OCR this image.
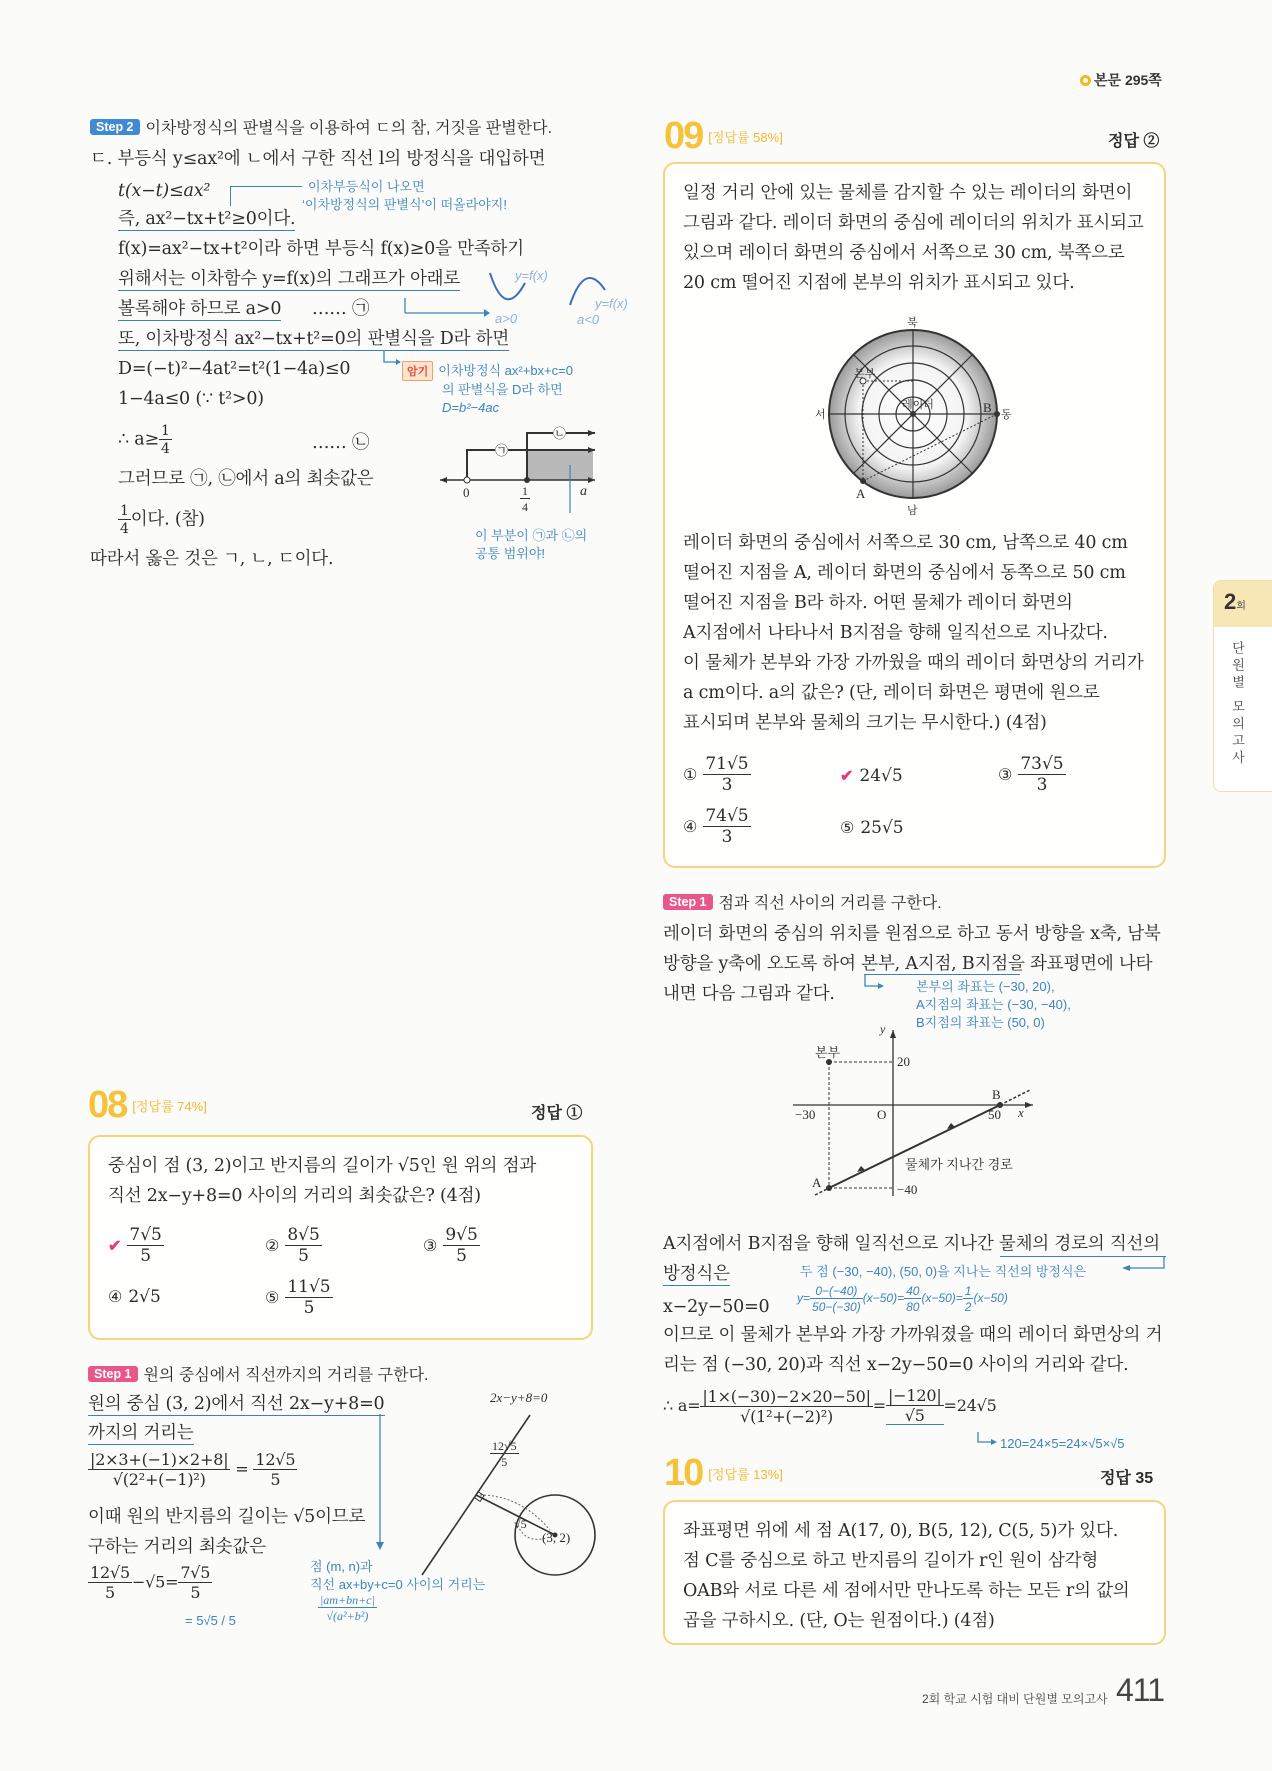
본문 295쪽
2회
단원별 모의고사
Step 2 이차방정식의 판별식을 이용하여 ㄷ의 참, 거짓을 판별한다.
ㄷ. 부등식 y≤ax²에 ㄴ에서 구한 직선 l의 방정식을 대입하면
t(x−t)≤ax²
즉, ax²−tx+t²≥0이다.
이차부등식이 나오면
‘이차방정식의 판별식’이 떠올라야지!
f(x)=ax²−tx+t²이라 하면 부등식 f(x)≥0을 만족하기
위해서는 이차함수 y=f(x)의 그래프가 아래로
볼록해야 하므로 a>0 …… ㉠
y=f(x)
a>0
y=f(x)
a<0
또, 이차방정식 ax²−tx+t²=0의 판별식을 D라 하면
D=(−t)²−4at²=t²(1−4a)≤0	암기 이차방정식 ax²+bx+c=0
의 판별식을 D라 하면
D=b²−4ac
1−4a≤0 (∵ t²>0)
∴ $a\ge \frac{1}{4}$	…… ㉡
그러므로 ㉠, ㉡에서 a의 최솟값은
$\frac{1}{4}$ 이다. (참)
따라서 옳은 것은 ㄱ, ㄴ, ㄷ이다.
㉠
㉡
0	$\frac{1}{4}$	a
이 부분이 ㉠과 ㉡의
공통 범위야!
08 [정답률 74%]	정답 ①
중심이 점 (3, 2)이고 반지름의 길이가 √5인 원 위의 점과
직선 2x−y+8=0 사이의 거리의 최솟값은? (4점)
✔ $\frac{7√5}{5}$	② $\frac{8√5}{5}$	③ $\frac{9√5}{5}$
④ 2√5	⑤ $\frac{11√5}{5}$
Step 1 원의 중심에서 직선까지의 거리를 구한다.
원의 중심 (3, 2)에서 직선 2x−y+8=0
까지의 거리는
$\frac{|2\times 3+(-1)\times 2+8|}{\text{√(2²+(−1)²)}} = \frac{12√5}{5}$
이때 원의 반지름의 길이는 √5이므로
구하는 거리의 최솟값은
$\frac{12√5}{5} -√5= \frac{7√5}{5}$
= 5√5 / 5
점 (m, n)과
직선 ax+by+c=0 사이의 거리는
$\frac{|am+bn+c|}{\text{√(a²+b²)}}$
2x−y+8=0
$\frac{12√5}{5}$
√5
(3, 2)
09 [정답률 58%]	정답 ②
일정 거리 안에 있는 물체를 감지할 수 있는 레이더의 화면이
그림과 같다. 레이더 화면의 중심에 레이더의 위치가 표시되고
있으며 레이더 화면의 중심에서 서쪽으로 30 cm, 북쪽으로
20 cm 떨어진 지점에 본부의 위치가 표시되고 있다.
북
남
서	동
레이더
본부
A
B
레이더 화면의 중심에서 서쪽으로 30 cm, 남쪽으로 40 cm
떨어진 지점을 A, 레이더 화면의 중심에서 동쪽으로 50 cm
떨어진 지점을 B라 하자. 어떤 물체가 레이더 화면의
A지점에서 나타나서 B지점을 향해 일직선으로 지나갔다.
이 물체가 본부와 가장 가까웠을 때의 레이더 화면상의 거리가
a cm이다. a의 값은? (단, 레이더 화면은 평면에 원으로
표시되며 본부와 물체의 크기는 무시한다.) (4점)
① $\frac{71√5}{3}$	✔ 24√5	③ $\frac{73√5}{3}$
④ $\frac{74√5}{3}$	⑤ 25√5
Step 1 점과 직선 사이의 거리를 구한다.
레이더 화면의 중심의 위치를 원점으로 하고 동서 방향을 x축, 남북
방향을 y축에 오도록 하여 본부, A지점, B지점을 좌표평면에 나타
내면 다음 그림과 같다.	본부의 좌표는 (−30, 20),
A지점의 좌표는 (−30, −40),
B지점의 좌표는 (50, 0)
y
본부
20
−30	O	50 x
B
A	−40
물체가 지나간 경로
A지점에서 B지점을 향해 일직선으로 지나간 물체의 경로의 직선의
방정식은	두 점 (−30, −40), (50, 0)을 지나는 직선의 방정식은
x−2y−50=0 $y= \frac{0-(-40)}{50-(-30)} (x-50)= \frac{40}{80} (x-50)= \frac{1}{2} (x-50)$
이므로 이 물체가 본부와 가장 가까워졌을 때의 레이더 화면상의 거
리는 점 (−30, 20)과 직선 x−2y−50=0 사이의 거리와 같다.
∴ $a= \frac{|1\times(-30)-2\times 20-50|}{\text{√(1²+(−2)²)}} = \frac{|-120|}{√5} =24√5$
120=24×5=24×√5×√5
10 [정답률 13%]	정답 35
좌표평면 위에 세 점 A(17, 0), B(5, 12), C(5, 5)가 있다.
점 C를 중심으로 하고 반지름의 길이가 r인 원이 삼각형
OAB와 서로 다른 세 점에서만 만나도록 하는 모든 r의 값의
곱을 구하시오. (단, O는 원점이다.) (4점)
2회 학교 시험 대비 단원별 모의고사 411
